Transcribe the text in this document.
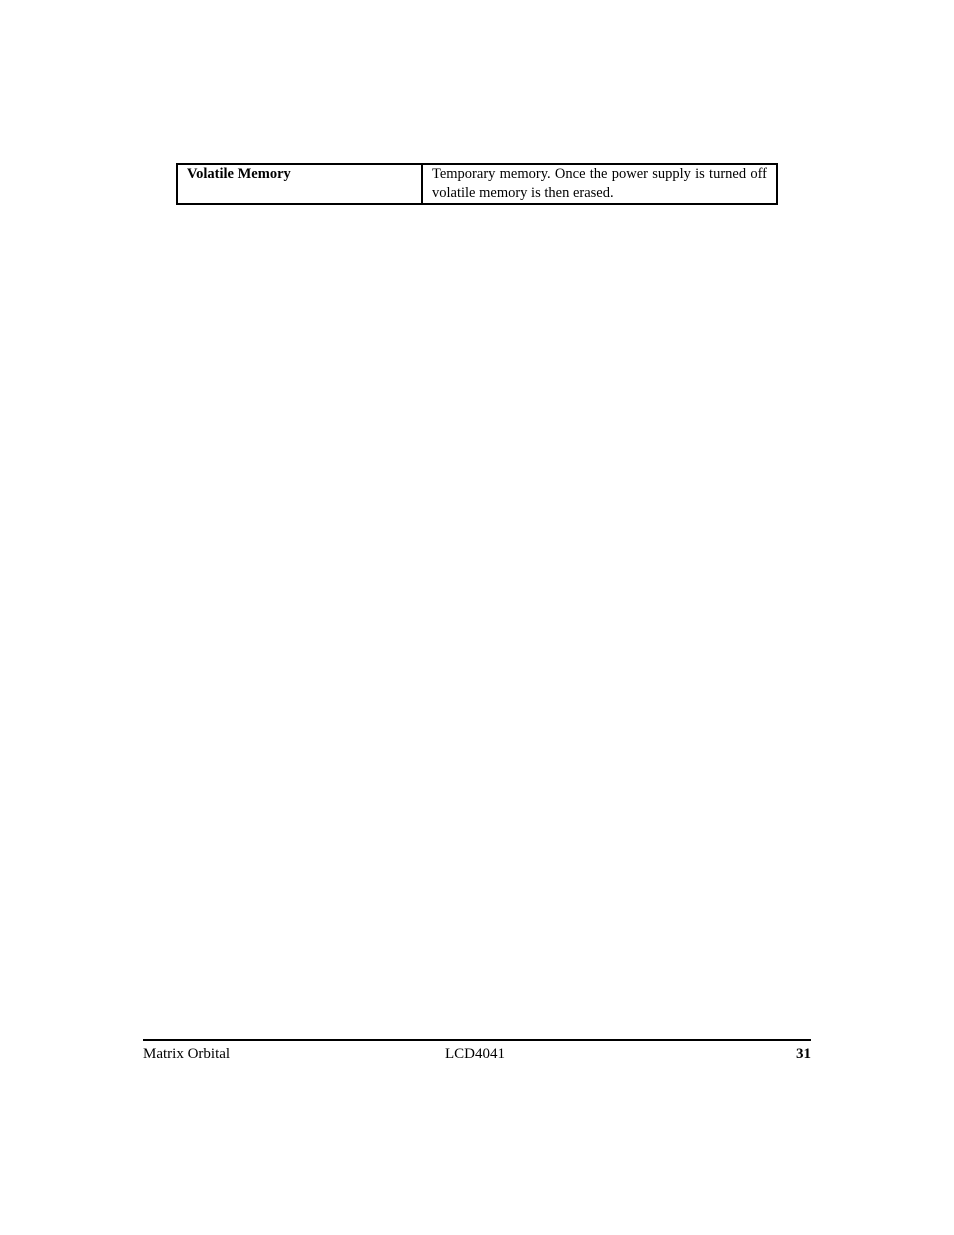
Volatile Memory	Temporary memory. Once the power supply is turned off volatile memory is then erased.
Matrix Orbital	LCD4041	31
